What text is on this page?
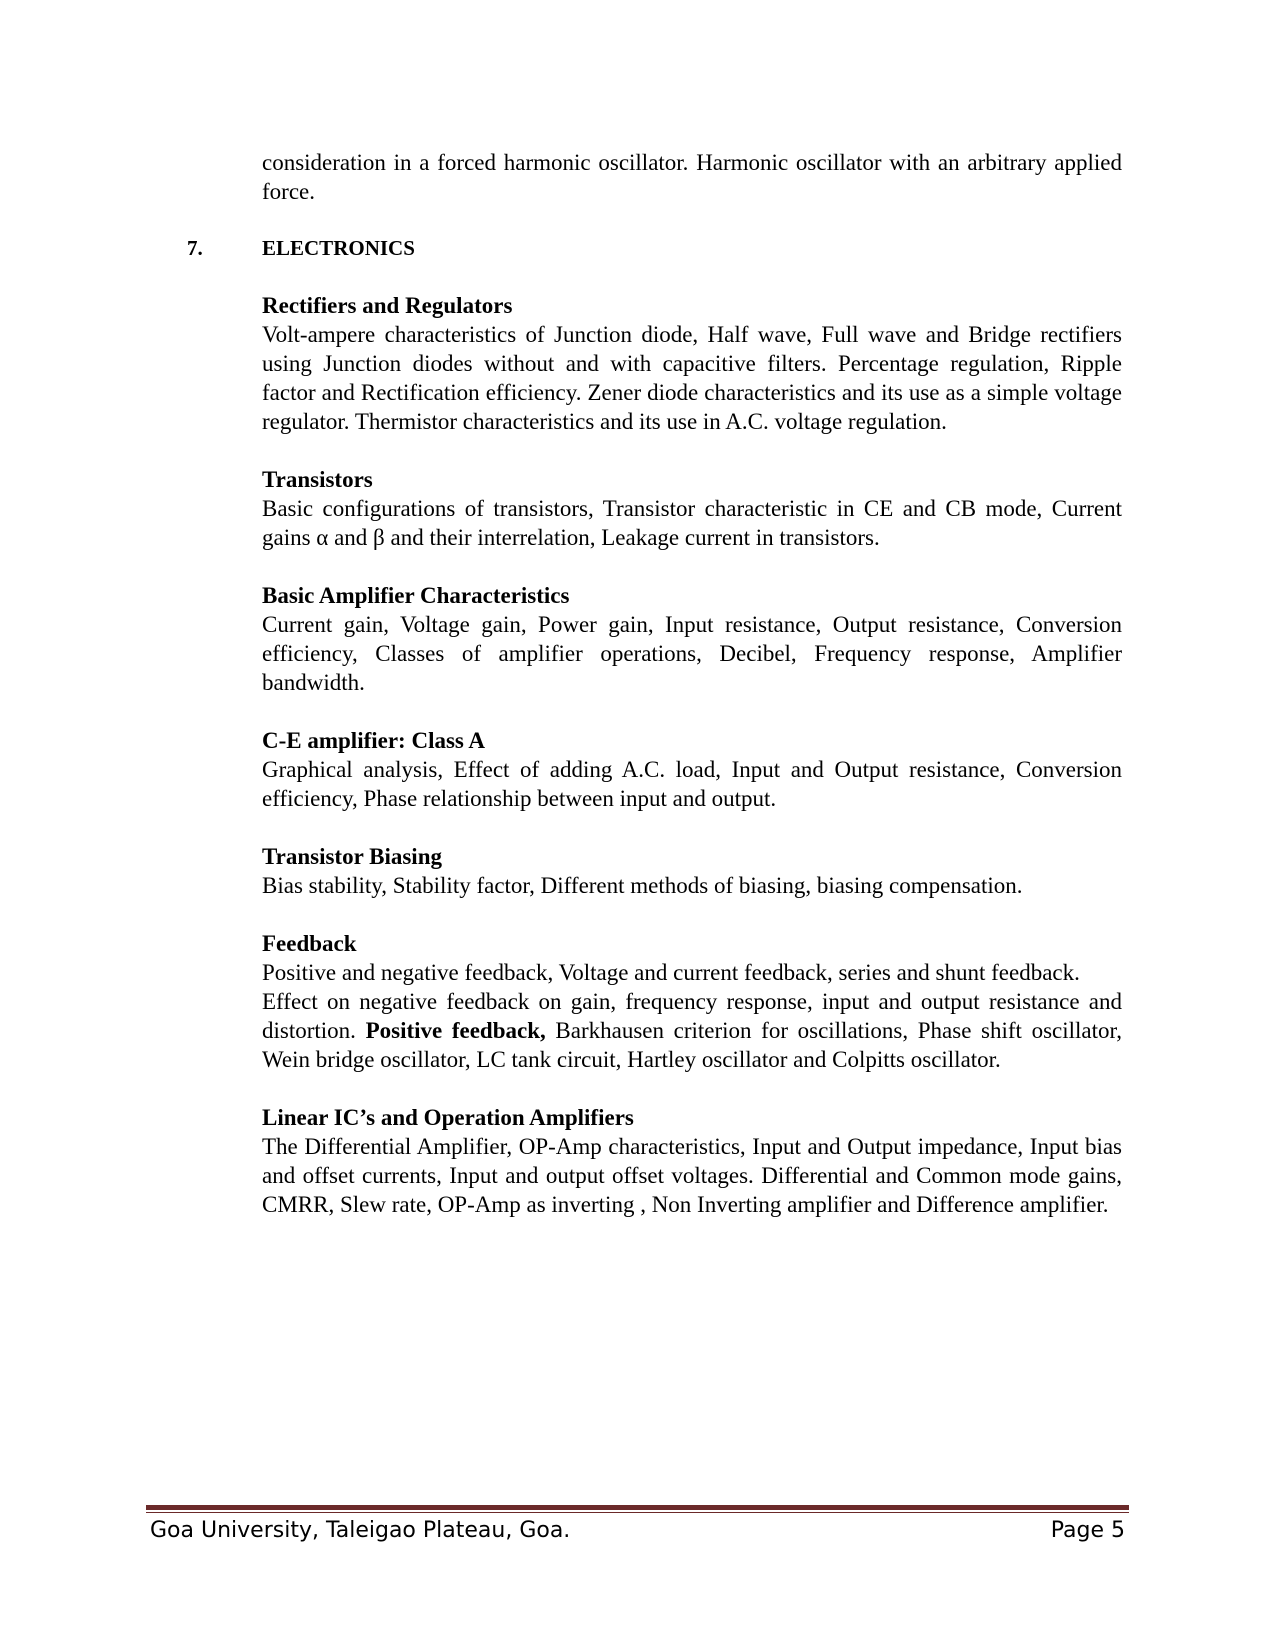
consideration in a forced harmonic oscillator. Harmonic oscillator with an arbitrary applied force.

7.	ELECTRONICS
Rectifiers and Regulators

Volt-ampere characteristics of Junction diode, Half wave, Full wave and Bridge rectifiers using Junction diodes without and with capacitive filters. Percentage regulation, Ripple factor and Rectification efficiency. Zener diode characteristics and its use as a simple voltage regulator. Thermistor characteristics and its use in A.C. voltage regulation.

Transistors

Basic configurations of transistors, Transistor characteristic in CE and CB mode, Current gains α and β and their interrelation, Leakage current in transistors.

Basic Amplifier Characteristics

Current gain, Voltage gain, Power gain, Input resistance, Output resistance, Conversion efficiency, Classes of amplifier operations, Decibel, Frequency response, Amplifier bandwidth.

C-E amplifier: Class A

Graphical analysis, Effect of adding A.C. load, Input and Output resistance, Conversion efficiency, Phase relationship between input and output.

Transistor Biasing

Bias stability, Stability factor, Different methods of biasing, biasing compensation.

Feedback

Positive and negative feedback, Voltage and current feedback, series and shunt feedback.

Effect on negative feedback on gain, frequency response, input and output resistance and distortion. Positive feedback, Barkhausen criterion for oscillations, Phase shift oscillator, Wein bridge oscillator, LC tank circuit, Hartley oscillator and Colpitts oscillator.

Linear IC’s and Operation Amplifiers

The Differential Amplifier, OP-Amp characteristics, Input and Output impedance, Input bias and offset currents, Input and output offset voltages. Differential and Common mode gains, CMRR, Slew rate, OP-Amp as inverting , Non Inverting amplifier and Difference amplifier.

Goa University, Taleigao Plateau, Goa.	Page 5
